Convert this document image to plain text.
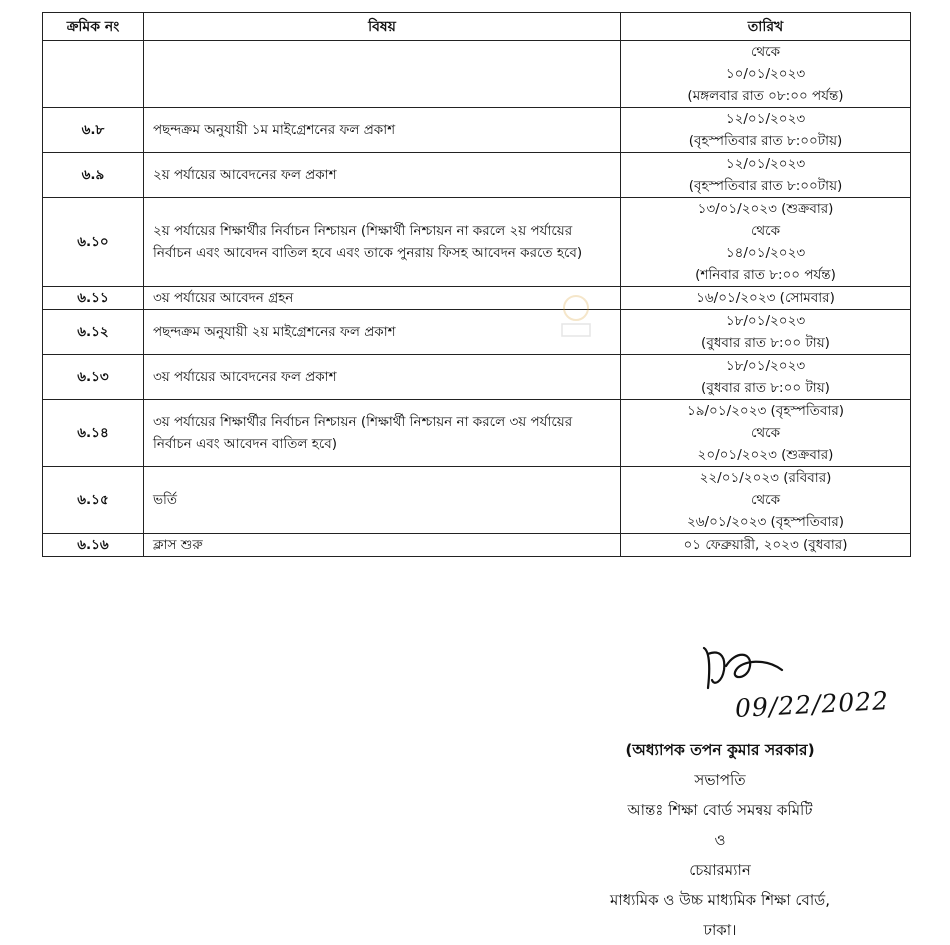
ক্রমিক নং	বিষয়	তারিখ

		থেকে
১০/০১/২০২৩
(মঙ্গলবার রাত ০৮:০০ পর্যন্ত)

৬.৮	পছন্দক্রম অনুযায়ী ১ম মাইগ্রেশনের ফল প্রকাশ	১২/০১/২০২৩
(বৃহস্পতিবার রাত ৮:০০টায়)

৬.৯	২য় পর্যায়ের আবেদনের ফল প্রকাশ	১২/০১/২০২৩
(বৃহস্পতিবার রাত ৮:০০টায়)

৬.১০	২য় পর্যায়ের শিক্ষার্থীর নির্বাচন নিশ্চায়ন (শিক্ষার্থী নিশ্চায়ন না করলে ২য় পর্যায়ের নির্বাচন এবং আবেদন বাতিল হবে এবং তাকে পুনরায় ফিসহ আবেদন করতে হবে)	১৩/০১/২০২৩ (শুক্রবার)
থেকে
১৪/০১/২০২৩
(শনিবার রাত ৮:০০ পর্যন্ত)

৬.১১	৩য় পর্যায়ের আবেদন গ্রহন	১৬/০১/২০২৩ (সোমবার)

৬.১২	পছন্দক্রম অনুযায়ী ২য় মাইগ্রেশনের ফল প্রকাশ	১৮/০১/২০২৩
(বুধবার রাত ৮:০০ টায়)

৬.১৩	৩য় পর্যায়ের আবেদনের ফল প্রকাশ	১৮/০১/২০২৩
(বুধবার রাত ৮:০০ টায়)

৬.১৪	৩য় পর্যায়ের শিক্ষার্থীর নির্বাচন নিশ্চায়ন (শিক্ষার্থী নিশ্চায়ন না করলে ৩য় পর্যায়ের নির্বাচন এবং আবেদন বাতিল হবে)	১৯/০১/২০২৩ (বৃহস্পতিবার)
থেকে
২০/০১/২০২৩ (শুক্রবার)

৬.১৫	ভর্তি	২২/০১/২০২৩ (রবিবার)
থেকে
২৬/০১/২০২৩ (বৃহস্পতিবার)

৬.১৬	ক্লাস শুরু	০১ ফেব্রুয়ারী, ২০২৩ (বুধবার)
09/22/2022
(অধ্যাপক তপন কুমার সরকার)
সভাপতি
আন্তঃ শিক্ষা বোর্ড সমন্বয় কমিটি
ও
চেয়ারম্যান
মাধ্যমিক ও উচ্চ মাধ্যমিক শিক্ষা বোর্ড,
ঢাকা।
